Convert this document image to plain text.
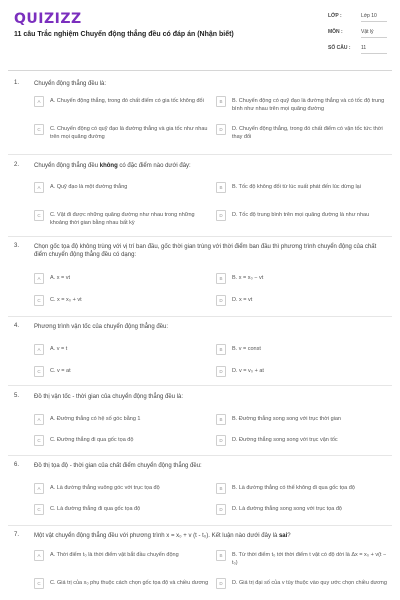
QUIZIZZ
11 câu Trắc nghiệm Chuyển động thẳng đều có đáp án (Nhận biết)
LỚP :	Lớp 10
MÔN :	Vật lý
SỐ CÂU : 11
1. Chuyển động thẳng đều là:
A	A. Chuyển động thẳng, trong đó chất điểm có gia tốc không đổi	B	B. Chuyển động có quỹ đạo là đường thẳng và có tốc độ trung bình như nhau trên mọi quãng đường
C	C. Chuyển động có quỹ đạo là đường thẳng và gia tốc như nhau trên mọi quãng đường
D	D. Chuyển động thẳng, trong đó chất điểm có vận tốc tức thời thay đổi
2. Chuyển động thẳng đều không có đặc điểm nào dưới đây:
A	A. Quỹ đạo là một đường thẳng	B	B. Tốc độ không đổi từ lúc xuất phát đến lúc dừng lại
C	C. Vật đi được những quãng đường như nhau trong những khoảng thời gian bằng nhau bất kỳ
D	D. Tốc độ trung bình trên mọi quãng đường là như nhau
3. Chọn gốc tọa độ không trùng với vị trí ban đầu, gốc thời gian trùng với thời điểm ban đầu thì phương trình chuyển động của chất điểm chuyển động thẳng đều có dạng:
A	A. x = vt	B	B. x = x₀ − vt
C	C. x = x₀ + vt	D	D. x = vt
4. Phương trình vận tốc của chuyển động thẳng đều:
A	A. v = t	B	B. v = const
C	C. v = at	D	D. v = v₀ + at
5. Đồ thị vận tốc - thời gian của chuyển động thẳng đều là:
A	A. Đường thẳng có hệ số góc bằng 1	B	B. Đường thẳng song song với trục thời gian
C	C. Đường thẳng đi qua gốc tọa độ	D	D. Đường thẳng song song với trục vận tốc
6. Đồ thị tọa độ - thời gian của chất điểm chuyển động thẳng đều:
A	A. Là đường thẳng vuông góc với trục tọa độ	B	B. Là đường thẳng có thể không đi qua gốc tọa độ
C	C. Là đường thẳng đi qua gốc tọa độ	D	D. Là đường thẳng song song với trục tọa độ
7. Một vật chuyển động thẳng đều với phương trình x = x₀ + v (t - t₀). Kết luận nào dưới đây là sai?
A	A. Thời điểm t₀ là thời điểm vật bắt đầu chuyển động	B	B. Từ thời điểm t₀ tới thời điểm t vật có độ dời là Δx = x₀ + v(t − t₀)
C	C. Giá trị của x₀ phụ thuộc cách chọn gốc tọa độ và chiều dương	D	D. Giá trị đại số của v tùy thuộc vào quy ước chọn chiều dương
